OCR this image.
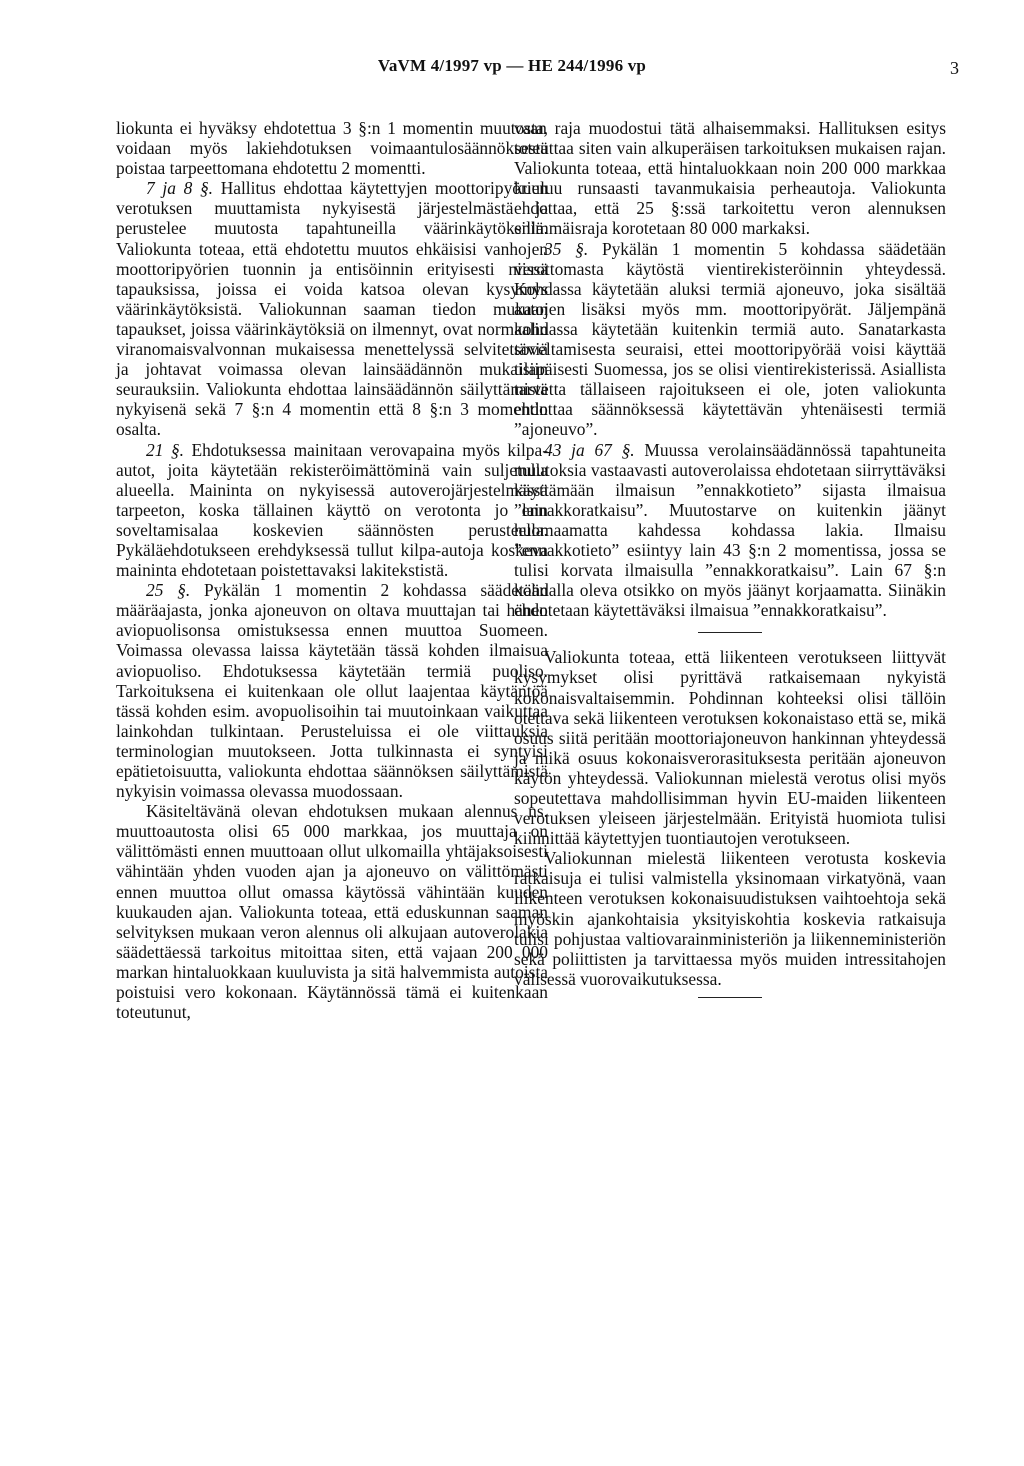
VaVM 4/1997 vp — HE 244/1996 vp	3

liokunta ei hyväksy ehdotettua 3 §:n 1 momentin muutosta, voidaan myös lakiehdotuksen voimaantulosäännöksestä poistaa tarpeettomana ehdotettu 2 momentti.

7 ja 8 §. Hallitus ehdottaa käytettyjen moottoripyörien verotuksen muuttamista nykyisestä järjestelmästä ja perustelee muutosta tapahtuneilla väärinkäytöksillä. Valiokunta toteaa, että ehdotettu muutos ehkäisisi vanhojen moottoripyörien tuonnin ja entisöinnin erityisesti niissä tapauksissa, joissa ei voida katsoa olevan kysymys väärinkäytöksistä. Valiokunnan saaman tiedon mukaan tapaukset, joissa väärinkäytöksiä on ilmennyt, ovat normaalin viranomaisvalvonnan mukaisessa menettelyssä selvitettäviä ja johtavat voimassa olevan lainsäädännön mukaisiin seurauksiin. Valiokunta ehdottaa lainsäädännön säilyttämistä nykyisenä sekä 7 §:n 4 momentin että 8 §:n 3 momentin osalta.

21 §. Ehdotuksessa mainitaan verovapaina myös kilpa-autot, joita käytetään rekisteröimättöminä vain suljetulla alueella. Maininta on nykyisessä autoverojärjestelmässä tarpeeton, koska tällainen käyttö on verotonta jo lain soveltamisalaa koskevien säännösten perusteella. Pykäläehdotukseen erehdyksessä tullut kilpa-autoja koskeva maininta ehdotetaan poistettavaksi lakitekstistä.

25 §. Pykälän 1 momentin 2 kohdassa säädetään määräajasta, jonka ajoneuvon on oltava muuttajan tai hänen aviopuolisonsa omistuksessa ennen muuttoa Suomeen. Voimassa olevassa laissa käytetään tässä kohden ilmaisua aviopuoliso. Ehdotuksessa käytetään termiä puoliso. Tarkoituksena ei kuitenkaan ole ollut laajentaa käytäntöä tässä kohden esim. avopuolisoihin tai muutoinkaan vaikuttaa lainkohdan tulkintaan. Perusteluissa ei ole viittauksia terminologian muutokseen. Jotta tulkinnasta ei syntyisi epätietoisuutta, valiokunta ehdottaa säännöksen säilyttämistä nykyisin voimassa olevassa muodossaan.

Käsiteltävänä olevan ehdotuksen mukaan alennus ns. muuttoautosta olisi 65 000 markkaa, jos muuttaja on välittömästi ennen muuttoaan ollut ulkomailla yhtäjaksoisesti vähintään yhden vuoden ajan ja ajoneuvo on välittömästi ennen muuttoa ollut omassa käytössä vähintään kuuden kuukauden ajan. Valiokunta toteaa, että eduskunnan saaman selvityksen mukaan veron alennus oli alkujaan autoverolakia säädettäessä tarkoitus mitoittaa siten, että vajaan 200 000 markan hintaluokkaan kuuluvista ja sitä halvemmista autoista poistuisi vero kokonaan. Käytännössä tämä ei kuitenkaan toteutunut,

vaan raja muodostui tätä alhaisemmaksi. Hallituksen esitys toteuttaa siten vain alkuperäisen tarkoituksen mukaisen rajan. Valiokunta toteaa, että hintaluokkaan noin 200 000 markkaa kuuluu runsaasti tavanmukaisia perheautoja. Valiokunta ehdottaa, että 25 §:ssä tarkoitettu veron alennuksen enimmäisraja korotetaan 80 000 markaksi.

35 §. Pykälän 1 momentin 5 kohdassa säädetään verottomasta käytöstä vientirekisteröinnin yhteydessä. Kohdassa käytetään aluksi termiä ajoneuvo, joka sisältää autojen lisäksi myös mm. moottoripyörät. Jäljempänä kohdassa käytetään kuitenkin termiä auto. Sanatarkasta soveltamisesta seuraisi, ettei moottoripyörää voisi käyttää tilapäisesti Suomessa, jos se olisi vientirekisterissä. Asiallista tarvetta tällaiseen rajoitukseen ei ole, joten valiokunta ehdottaa säännöksessä käytettävän yhtenäisesti termiä ”ajoneuvo”.

43 ja 67 §. Muussa verolainsäädännössä tapahtuneita muutoksia vastaavasti autoverolaissa ehdotetaan siirryttäväksi käyttämään ilmaisun ”ennakkotieto” sijasta ilmaisua ”ennakkoratkaisu”. Muutostarve on kuitenkin jäänyt huomaamatta kahdessa kohdassa lakia. Ilmaisu ”ennakkotieto” esiintyy lain 43 §:n 2 momentissa, jossa se tulisi korvata ilmaisulla ”ennakkoratkaisu”. Lain 67 §:n kohdalla oleva otsikko on myös jäänyt korjaamatta. Siinäkin ehdotetaan käytettäväksi ilmaisua ”ennakkoratkaisu”.

Valiokunta toteaa, että liikenteen verotukseen liittyvät kysymykset olisi pyrittävä ratkaisemaan nykyistä kokonaisvaltaisemmin. Pohdinnan kohteeksi olisi tällöin otettava sekä liikenteen verotuksen kokonaistaso että se, mikä osuus siitä peritään moottoriajoneuvon hankinnan yhteydessä ja mikä osuus kokonaisverorasituksesta peritään ajoneuvon käytön yhteydessä. Valiokunnan mielestä verotus olisi myös sopeutettava mahdollisimman hyvin EU-maiden liikenteen verotuksen yleiseen järjestelmään. Erityistä huomiota tulisi kiinnittää käytettyjen tuontiautojen verotukseen.

Valiokunnan mielestä liikenteen verotusta koskevia ratkaisuja ei tulisi valmistella yksinomaan virkatyönä, vaan liikenteen verotuksen kokonaisuudistuksen vaihtoehtoja sekä myöskin ajankohtaisia yksityiskohtia koskevia ratkaisuja tulisi pohjustaa valtiovarainministeriön ja liikenneministeriön sekä poliittisten ja tarvittaessa myös muiden intressitahojen välisessä vuorovaikutuksessa.
